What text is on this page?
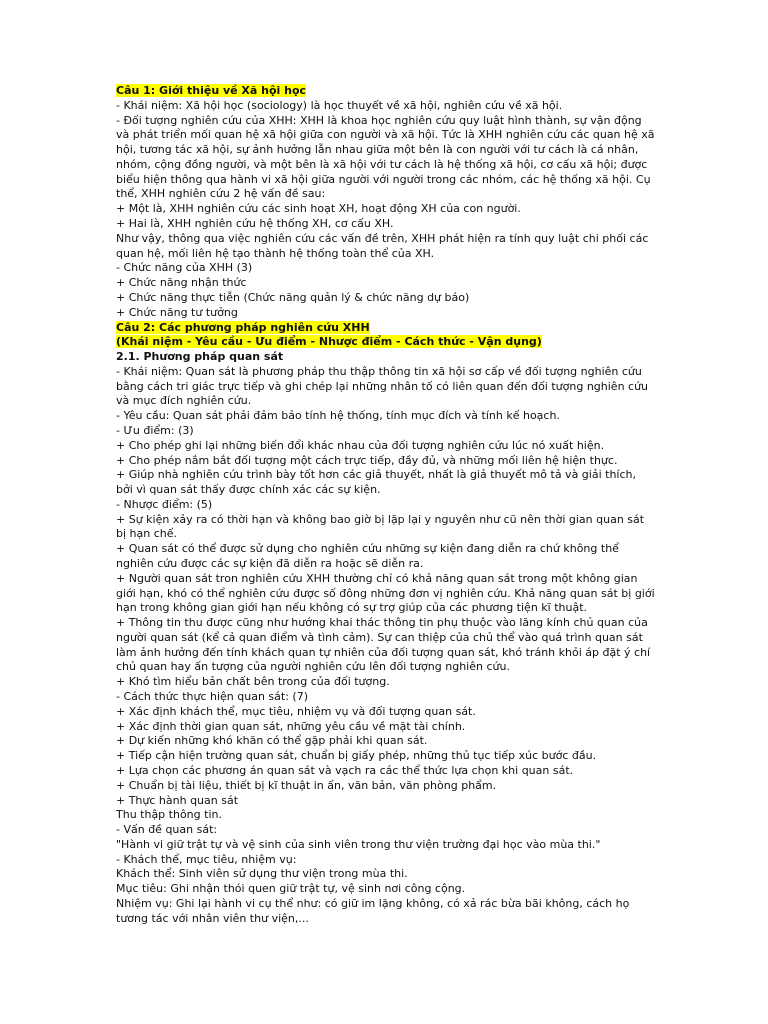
Câu 1: Giới thiệu về Xã hội học

- Khái niệm: Xã hội học (sociology) là học thuyết về xã hội, nghiên cứu về xã hội.

- Đối tượng nghiên cứu của XHH: XHH là khoa học nghiên cứu quy luật hình thành, sự vận động và phát triển mối quan hệ xã hội giữa con người và xã hội. Tức là XHH nghiên cứu các quan hệ xã hội, tương tác xã hội, sự ảnh hưởng lẫn nhau giữa một bên là con người với tư cách là cá nhân, nhóm, cộng đồng người, và một bên là xã hội với tư cách là hệ thống xã hội, cơ cấu xã hội; được biểu hiện thông qua hành vi xã hội giữa người với người trong các nhóm, các hệ thống xã hội. Cụ thể, XHH nghiên cứu 2 hệ vấn đề sau:

+ Một là, XHH nghiên cứu các sinh hoạt XH, hoạt động XH của con người.

+ Hai là, XHH nghiên cứu hệ thống XH, cơ cấu XH.

Như vậy, thông qua việc nghiên cứu các vấn đề trên, XHH phát hiện ra tính quy luật chi phối các quan hệ, mối liên hệ tạo thành hệ thống toàn thể của XH.

- Chức năng của XHH (3)

+ Chức năng nhận thức

+ Chức năng thực tiễn (Chức năng quản lý & chức năng dự báo)

+ Chức năng tư tưởng

Câu 2: Các phương pháp nghiên cứu XHH

(Khái niệm - Yêu cầu - Ưu điểm - Nhược điểm - Cách thức - Vận dụng)

2.1. Phương pháp quan sát

- Khái niệm: Quan sát là phương pháp thu thập thông tin xã hội sơ cấp về đối tượng nghiên cứu bằng cách tri giác trực tiếp và ghi chép lại những nhân tố có liên quan đến đối tượng nghiên cứu và mục đích nghiên cứu.

- Yêu cầu: Quan sát phải đảm bảo tính hệ thống, tính mục đích và tính kế hoạch.

- Ưu điểm: (3)

+ Cho phép ghi lại những biến đổi khác nhau của đối tượng nghiên cứu lúc nó xuất hiện.

+ Cho phép nắm bắt đối tượng một cách trực tiếp, đầy đủ, và những mối liên hệ hiện thực.

+ Giúp nhà nghiên cứu trình bày tốt hơn các giả thuyết, nhất là giả thuyết mô tả và giải thích, bởi vì quan sát thấy được chính xác các sự kiện.

- Nhược điểm: (5)

+ Sự kiện xảy ra có thời hạn và không bao giờ bị lặp lại y nguyên như cũ nên thời gian quan sát bị hạn chế.

+ Quan sát có thể được sử dụng cho nghiên cứu những sự kiện đang diễn ra chứ không thể nghiên cứu được các sự kiện đã diễn ra hoặc sẽ diễn ra.

+ Người quan sát tron nghiên cứu XHH thường chỉ có khả năng quan sát trong một không gian giới hạn, khó có thể nghiên cứu được số đông những đơn vị nghiên cứu. Khả năng quan sát bị giới hạn trong không gian giới hạn nếu không có sự trợ giúp của các phương tiện kĩ thuật.

+ Thông tin thu được cũng như hướng khai thác thông tin phụ thuộc vào lăng kính chủ quan của người quan sát (kể cả quan điểm và tình cảm). Sự can thiệp của chủ thể vào quá trình quan sát làm ảnh hưởng đến tính khách quan tự nhiên của đối tượng quan sát, khó tránh khỏi áp đặt ý chí chủ quan hay ấn tượng của người nghiên cứu lên đối tượng nghiên cứu.

+ Khó tìm hiểu bản chất bên trong của đối tượng.

- Cách thức thực hiện quan sát: (7)

+ Xác định khách thể, mục tiêu, nhiệm vụ và đối tượng quan sát.

+ Xác định thời gian quan sát, những yêu cầu về mặt tài chính.

+ Dự kiến những khó khăn có thể gặp phải khi quan sát.

+ Tiếp cận hiện trường quan sát, chuẩn bị giấy phép, những thủ tục tiếp xúc bước đầu.

+ Lựa chọn các phương án quan sát và vạch ra các thể thức lựa chọn khi quan sát.

+ Chuẩn bị tài liệu, thiết bị kĩ thuật in ấn, văn bản, văn phòng phẩm.

+ Thực hành quan sát

Thu thập thông tin.

- Vấn đề quan sát:

"Hành vi giữ trật tự và vệ sinh của sinh viên trong thư viện trường đại học vào mùa thi."

- Khách thể, mục tiêu, nhiệm vụ:

Khách thể: Sinh viên sử dụng thư viện trong mùa thi.

Mục tiêu: Ghi nhận thói quen giữ trật tự, vệ sinh nơi công cộng.

Nhiệm vụ: Ghi lại hành vi cụ thể như: có giữ im lặng không, có xả rác bừa bãi không, cách họ tương tác với nhân viên thư viện,...
